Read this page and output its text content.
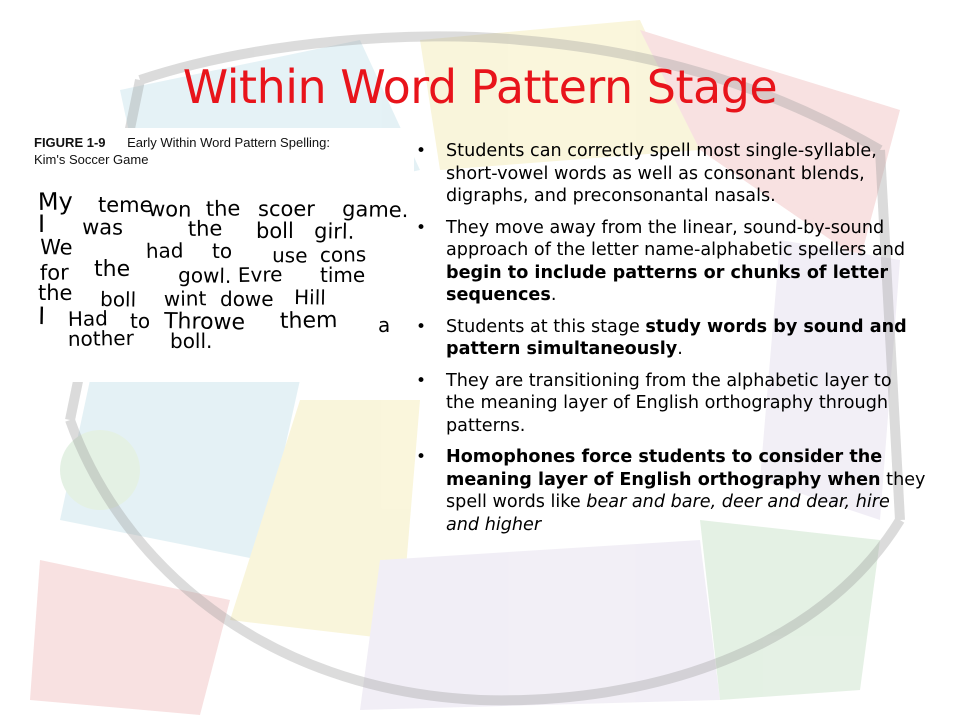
Within Word Pattern Stage
FIGURE 1-9 Early Within Word Pattern Spelling:
Kim's Soccer Game
My teme
won the scoer game.
I was	the boll girl.
We	had to use cons
for the gowl. Evre time
the boll wint dowe Hill
I Had to Throwe them a
nother boll.
• Students can correctly spell most single-syllable, short-vowel words as well as consonant blends, digraphs, and preconsonantal nasals.
• They move away from the linear, sound-by-sound approach of the letter name-alphabetic spellers and begin to include patterns or chunks of letter sequences.
• Students at this stage study words by sound and pattern simultaneously.
• They are transitioning from the alphabetic layer to the meaning layer of English orthography through patterns.
• Homophones force students to consider the meaning layer of English orthography when they spell words like bear and bare, deer and dear, hire and higher
